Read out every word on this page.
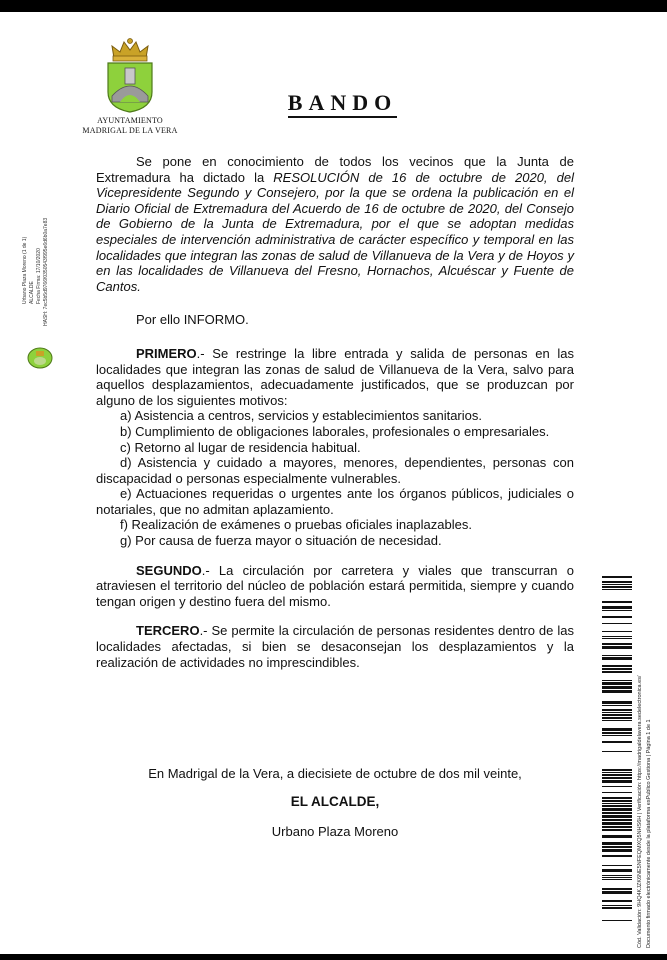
AYUNTAMIENTO
MADRIGAL DE LA VERA
BANDO
Urbano Plaza Moreno (1 de 1) ALCALDE Fecha Firma: 17/10/2020 HASH: 7ec5b5d9766f0350543f995e6d6b0a7e83

Se pone en conocimiento de todos los vecinos que la Junta de Extremadura ha dictado la RESOLUCIÓN de 16 de octubre de 2020, del Vicepresidente Segundo y Consejero, por la que se ordena la publicación en el Diario Oficial de Extremadura del Acuerdo de 16 de octubre de 2020, del Consejo de Gobierno de la Junta de Extremadura, por el que se adoptan medidas especiales de intervención administrativa de carácter específico y temporal en las localidades que integran las zonas de salud de Villanueva de la Vera y de Hoyos y en las localidades de Villanueva del Fresno, Hornachos, Alcuéscar y Fuente de Cantos.

Por ello INFORMO.

PRIMERO.- Se restringe la libre entrada y salida de personas en las localidades que integran las zonas de salud de Villanueva de la Vera, salvo para aquellos desplazamientos, adecuadamente justificados, que se produzcan por alguno de los siguientes motivos:

a) Asistencia a centros, servicios y establecimientos sanitarios.

b) Cumplimiento de obligaciones laborales, profesionales o empresariales.

c) Retorno al lugar de residencia habitual.

d) Asistencia y cuidado a mayores, menores, dependientes, personas con discapacidad o personas especialmente vulnerables.

e) Actuaciones requeridas o urgentes ante los órganos públicos, judiciales o notariales, que no admitan aplazamiento.

f) Realización de exámenes o pruebas oficiales inaplazables.

g) Por causa de fuerza mayor o situación de necesidad.

SEGUNDO.- La circulación por carretera y viales que transcurran o atraviesen el territorio del núcleo de población estará permitida, siempre y cuando tengan origen y destino fuera del mismo.

TERCERO.- Se permite la circulación de personas residentes dentro de las localidades afectadas, si bien se desaconsejan los desplazamientos y la realización de actividades no imprescindibles.

En Madrigal de la Vera, a diecisiete de octubre de dos mil veinte,
EL ALCALDE,
Urbano Plaza Moreno	Cód. Validación: 9HQ4KJZK6NE5NFEQMXQ5NHS6H | Verificación: https://madrigaldelavera.sedelectronica.es/ Documento firmado electrónicamente desde la plataforma esPublico Gestiona | Página 1 de 1
